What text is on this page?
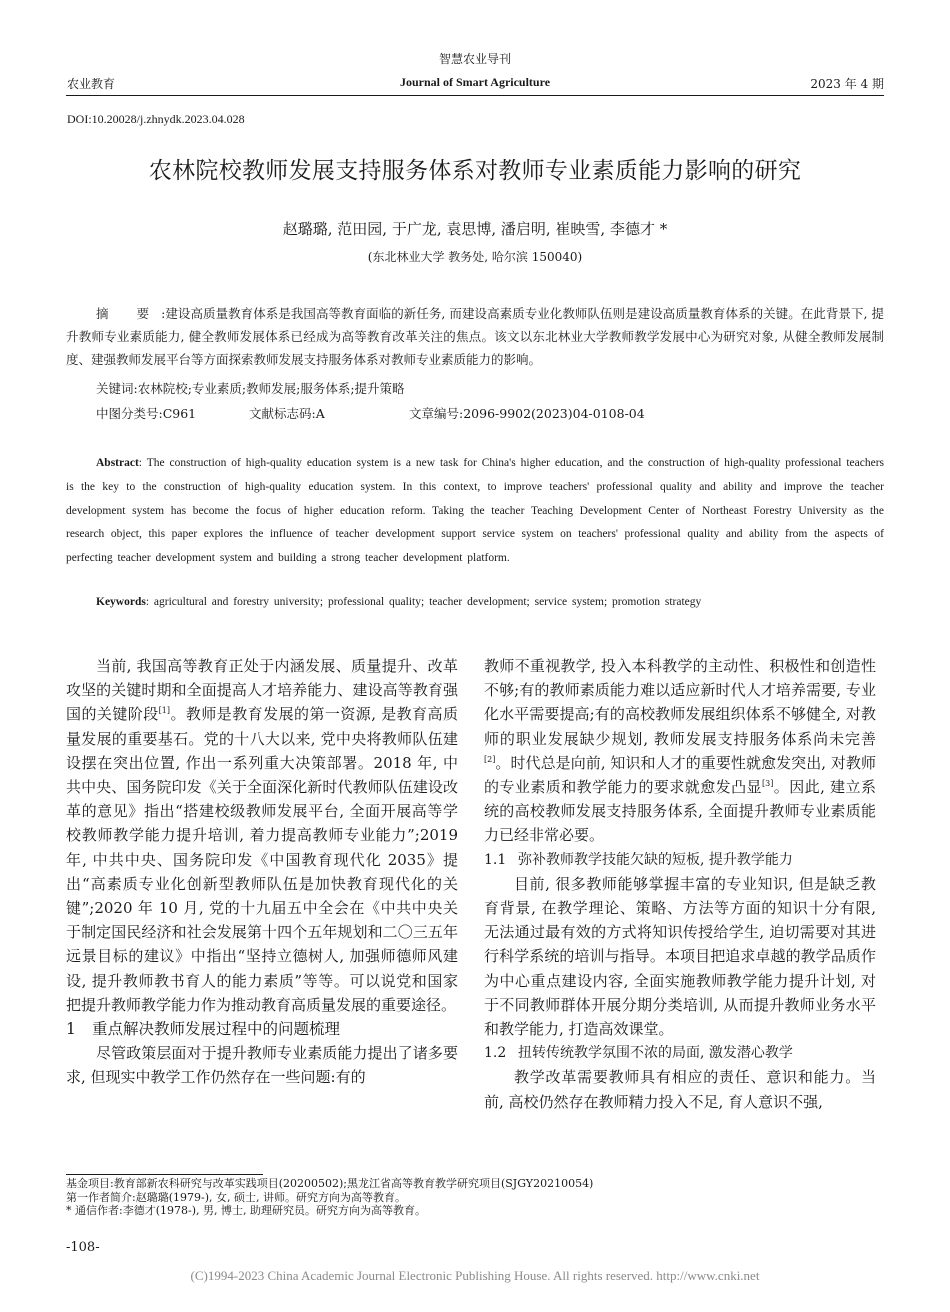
智慧农业导刊
农业教育	Journal of Smart Agriculture	2023 年 4 期
DOI:10.20028/j.zhnydk.2023.04.028
农林院校教师发展支持服务体系对教师专业素质能力影响的研究
赵璐璐, 范田园, 于广龙, 袁思博, 潘启明, 崔映雪, 李德才 *
(东北林业大学 教务处, 哈尔滨 150040)
摘 要:建设高质量教育体系是我国高等教育面临的新任务, 而建设高素质专业化教师队伍则是建设高质量教育体系的关键。在此背景下, 提升教师专业素质能力, 健全教师发展体系已经成为高等教育改革关注的焦点。该文以东北林业大学教师教学发展中心为研究对象, 从健全教师发展制度、建强教师发展平台等方面探索教师发展支持服务体系对教师专业素质能力的影响。
关键词:农林院校;专业素质;教师发展;服务体系;提升策略
中图分类号:C961	文献标志码:A	文章编号:2096-9902(2023)04-0108-04
Abstract: The construction of high-quality education system is a new task for China's higher education, and the construction of high-quality professional teachers is the key to the construction of high-quality education system. In this context, to improve teachers' professional quality and ability and improve the teacher development system has become the focus of higher education reform. Taking the teacher Teaching Development Center of Northeast Forestry University as the research object, this paper explores the influence of teacher development support service system on teachers' professional quality and ability from the aspects of perfecting teacher development system and building a strong teacher development platform.
Keywords: agricultural and forestry university; professional quality; teacher development; service system; promotion strategy

当前, 我国高等教育正处于内涵发展、质量提升、改革攻坚的关键时期和全面提高人才培养能力、建设高等教育强国的关键阶段[1]。教师是教育发展的第一资源, 是教育高质量发展的重要基石。党的十八大以来, 党中央将教师队伍建设摆在突出位置, 作出一系列重大决策部署。2018 年, 中共中央、国务院印发《关于全面深化新时代教师队伍建设改革的意见》指出“搭建校级教师发展平台, 全面开展高等学校教师教学能力提升培训, 着力提高教师专业能力”;2019 年, 中共中央、国务院印发《中国教育现代化 2035》提出“高素质专业化创新型教师队伍是加快教育现代化的关键”;2020 年 10 月, 党的十九届五中全会在《中共中央关于制定国民经济和社会发展第十四个五年规划和二〇三五年远景目标的建议》中指出“坚持立德树人, 加强师德师风建设, 提升教师教书育人的能力素质”等等。可以说党和国家把提升教师教学能力作为推动教育高质量发展的重要途径。

1 重点解决教师发展过程中的问题梳理

尽管政策层面对于提升教师专业素质能力提出了诸多要求, 但现实中教学工作仍然存在一些问题:有的

教师不重视教学, 投入本科教学的主动性、积极性和创造性不够;有的教师素质能力难以适应新时代人才培养需要, 专业化水平需要提高;有的高校教师发展组织体系不够健全, 对教师的职业发展缺少规划, 教师发展支持服务体系尚未完善[2]。时代总是向前, 知识和人才的重要性就愈发突出, 对教师的专业素质和教学能力的要求就愈发凸显[3]。因此, 建立系统的高校教师发展支持服务体系, 全面提升教师专业素质能力已经非常必要。

1.1 弥补教师教学技能欠缺的短板, 提升教学能力

目前, 很多教师能够掌握丰富的专业知识, 但是缺乏教育背景, 在教学理论、策略、方法等方面的知识十分有限, 无法通过最有效的方式将知识传授给学生, 迫切需要对其进行科学系统的培训与指导。本项目把追求卓越的教学品质作为中心重点建设内容, 全面实施教师教学能力提升计划, 对于不同教师群体开展分期分类培训, 从而提升教师业务水平和教学能力, 打造高效课堂。

1.2 扭转传统教学氛围不浓的局面, 激发潜心教学

教学改革需要教师具有相应的责任、意识和能力。当前, 高校仍然存在教师精力投入不足, 育人意识不强,

基金项目:教育部新农科研究与改革实践项目(20200502);黑龙江省高等教育教学研究项目(SJGY20210054)
第一作者简介:赵璐璐(1979-), 女, 硕士, 讲师。研究方向为高等教育。
* 通信作者:李德才(1978-), 男, 博士, 助理研究员。研究方向为高等教育。
-108-
(C)1994-2023 China Academic Journal Electronic Publishing House. All rights reserved. http://www.cnki.net
